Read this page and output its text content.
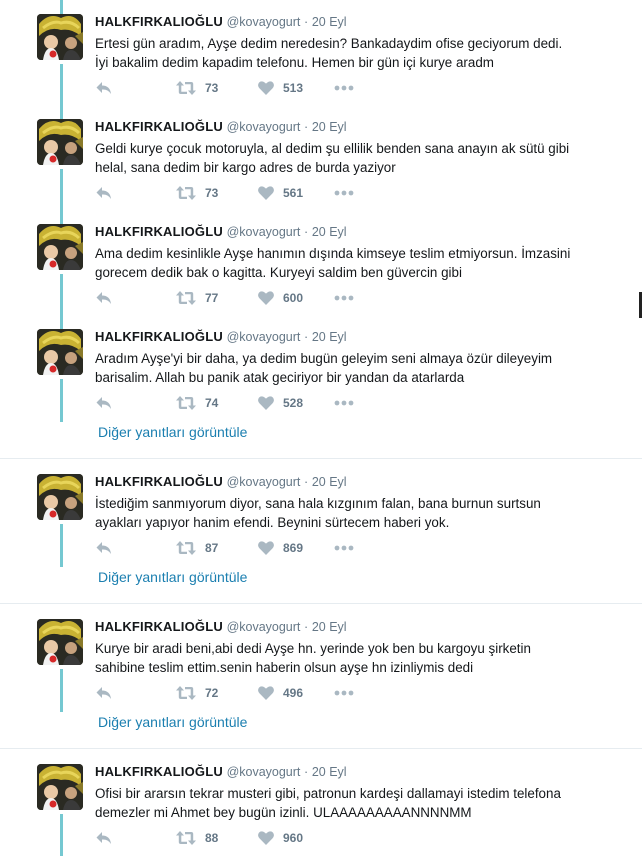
HALKFIRKALIOĞLU @kovayogurt · 20 Eyl
Ertesi gün aradım, Ayşe dedim neredesin? Bankadaydim ofise geciyorum dedi.
İyi bakalim dedim kapadim telefonu. Hemen bir gün içi kurye aradm
73	513
HALKFIRKALIOĞLU @kovayogurt · 20 Eyl
Geldi kurye çocuk motoruyla, al dedim şu ellilik benden sana anayın ak sütü gibi
helal, sana dedim bir kargo adres de burda yaziyor
73	561
HALKFIRKALIOĞLU @kovayogurt · 20 Eyl
Ama dedim kesinlikle Ayşe hanımın dışında kimseye teslim etmiyorsun. İmzasini
gorecem dedik bak o kagitta. Kuryeyi saldim ben güvercin gibi
77	600
HALKFIRKALIOĞLU @kovayogurt · 20 Eyl
Aradım Ayşe'yi bir daha, ya dedim bugün geleyim seni almaya özür dileyeyim
barisalim. Allah bu panik atak geciriyor bir yandan da atarlarda
74	528
Diğer yanıtları görüntüle
HALKFIRKALIOĞLU @kovayogurt · 20 Eyl
İstediğim sanmıyorum diyor, sana hala kızgınım falan, bana burnun surtsun
ayakları yapıyor hanim efendi. Beynini sürtecem haberi yok.
87	869
Diğer yanıtları görüntüle
HALKFIRKALIOĞLU @kovayogurt · 20 Eyl
Kurye bir aradi beni,abi dedi Ayşe hn. yerinde yok ben bu kargoyu şirketin
sahibine teslim ettim.senin haberin olsun ayşe hn izinliymis dedi
72	496
Diğer yanıtları görüntüle
HALKFIRKALIOĞLU @kovayogurt · 20 Eyl
Ofisi bir ararsın tekrar musteri gibi, patronun kardeşi dallamayi istedim telefona
demezler mi Ahmet bey bugün izinli. ULAAAAAAAAANNNNMM
88	960
